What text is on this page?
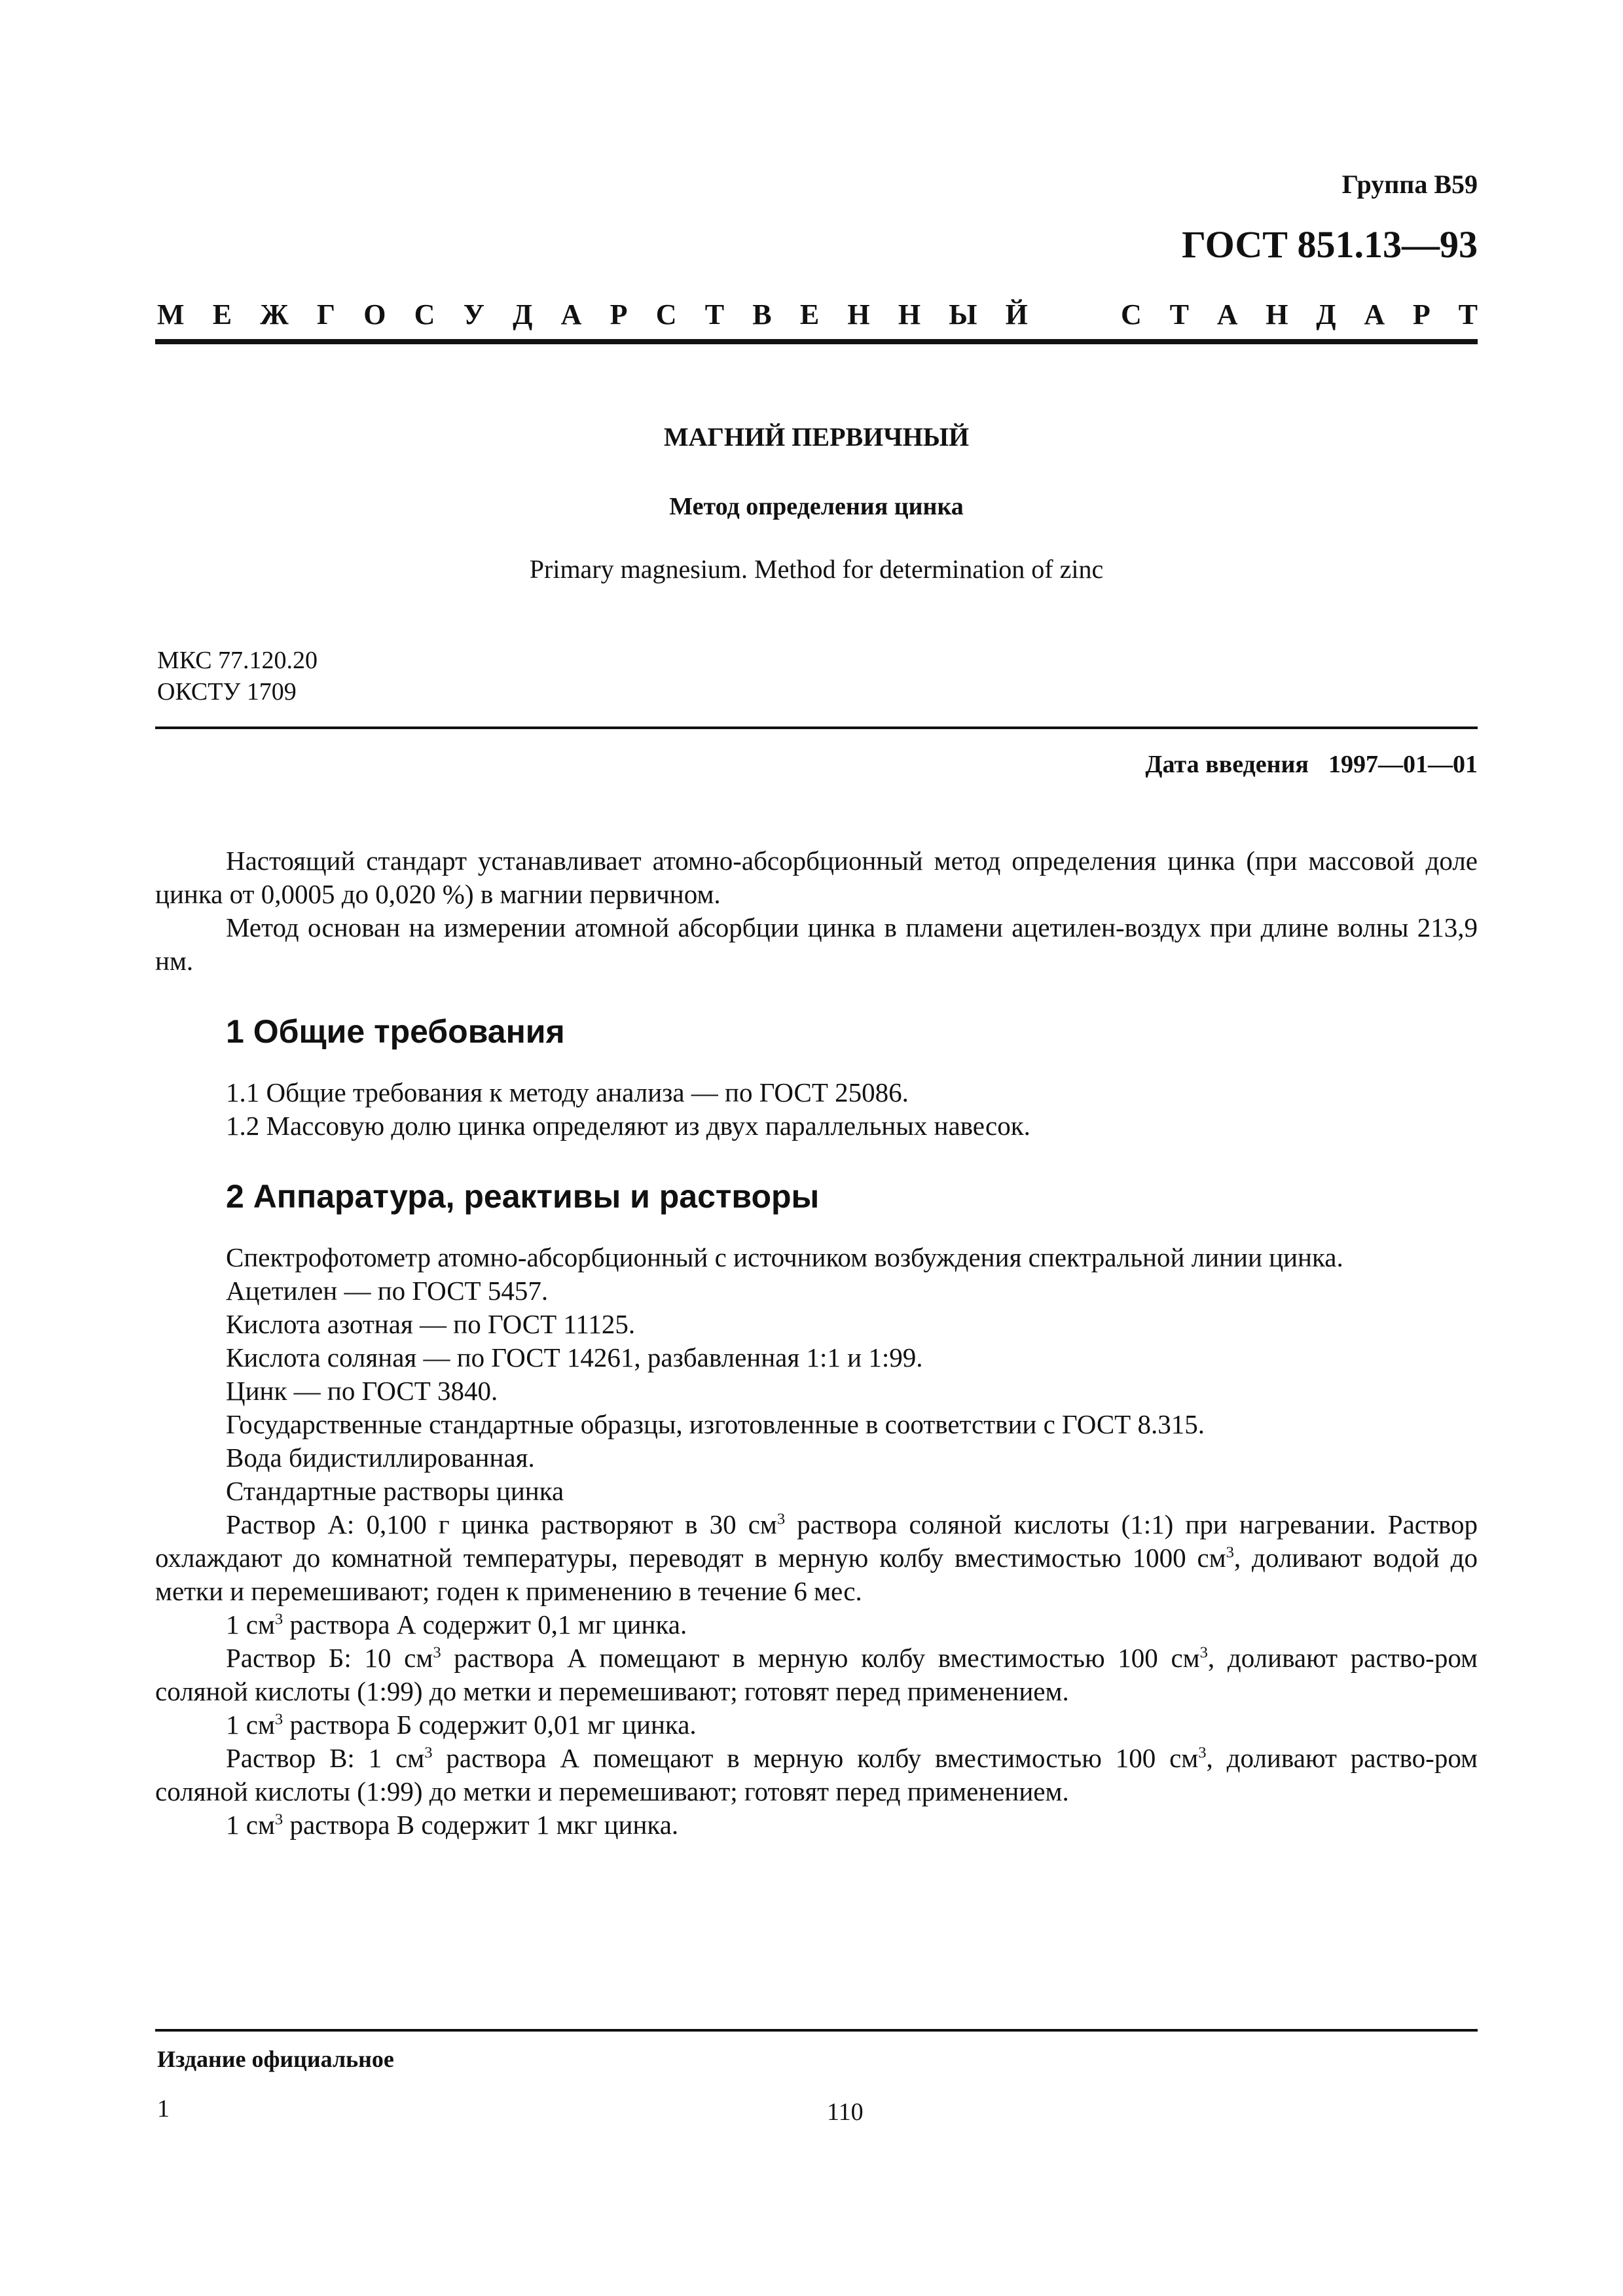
Группа В59
ГОСТ 851.13—93
М Е Ж Г О С У Д А Р С Т В Е Н Н Ы Й	С Т А Н Д А Р Т
МАГНИЙ ПЕРВИЧНЫЙ
Метод определения цинка
Primary magnesium. Method for determination of zinc
МКС 77.120.20
ОКСТУ 1709
Дата введения 1997—01—01

Настоящий стандарт устанавливает атомно-абсорбционный метод определения цинка (при массовой доле цинка от 0,0005 до 0,020 %) в магнии первичном.

Метод основан на измерении атомной абсорбции цинка в пламени ацетилен-воздух при длине волны 213,9 нм.

1 Общие требования

1.1 Общие требования к методу анализа — по ГОСТ 25086.

1.2 Массовую долю цинка определяют из двух параллельных навесок.

2 Аппаратура, реактивы и растворы

Спектрофотометр атомно-абсорбционный с источником возбуждения спектральной линии цинка.

Ацетилен — по ГОСТ 5457.

Кислота азотная — по ГОСТ 11125.

Кислота соляная — по ГОСТ 14261, разбавленная 1:1 и 1:99.

Цинк — по ГОСТ 3840.

Государственные стандартные образцы, изготовленные в соответствии с ГОСТ 8.315.

Вода бидистиллированная.

Стандартные растворы цинка

Раствор А: 0,100 г цинка растворяют в 30 $см^3$ раствора соляной кислоты (1:1) при нагревании. Раствор охлаждают до комнатной температуры, переводят в мерную колбу вместимостью 1000 $см^3$, доливают водой до метки и перемешивают; годен к применению в течение 6 мес.

1 $см^3$ раствора А содержит 0,1 мг цинка.

Раствор Б: 10 $см^3$ раствора А помещают в мерную колбу вместимостью 100 $см^3$, доливают раство-ром соляной кислоты (1:99) до метки и перемешивают; готовят перед применением.

1 $см^3$ раствора Б содержит 0,01 мг цинка.

Раствор В: 1 $см^3$ раствора А помещают в мерную колбу вместимостью 100 $см^3$, доливают раство-ром соляной кислоты (1:99) до метки и перемешивают; готовят перед применением.

1 $см^3$ раствора В содержит 1 мкг цинка.

Издание официальное
1	110
